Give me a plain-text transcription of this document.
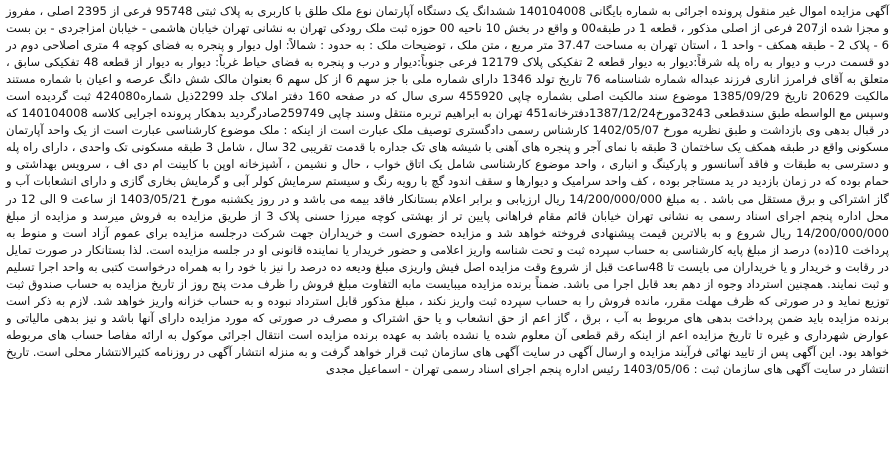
آگهی مزایده اموال غیر منقول پرونده اجرائی به شماره بایگانی 140104008 ششدانگ یک دستگاه آپارتمان نوع ملک طلق با کاربری به پلاک ثبتی 95748 فرعی از 2395 اصلی ، مفروز و مجزا شده از207 فرعی از اصلی مذکور ، قطعه 1 در طبقه00 و واقع در بخش 10 ناحیه 00 حوزه ثبت ملک رودکی تهران به نشانی تهران خیابان هاشمی - خیابان امزاجردی - بن بست 6 - پلاک 2 - طبقه همکف - واحد 1 ، استان تهران به مساحت 37.47 متر مربع ، متن ملک ، توضیحات ملک : به حدود : شمالاً: اول دیوار و پنجره به فضای کوچه 4 متری اصلاحی دوم در دو قسمت درب و دیوار به راه پله شرقاً:دیوار به دیوار قطعه 2 تفکیکی پلاک 12179 فرعی جنوباً:دیوار و درب و پنجره به فضای حیاط غرباً: دیوار به دیوار از قطعه 48 تفکیکی سابق ، متعلق به آقای فرامرز اناری فرزند عبداله شماره شناسنامه 76 تاریخ تولد 1346 دارای شماره ملی با جز سهم 6 از کل سهم 6 بعنوان مالک شش دانگ عرصه و اعیان با شماره مستند مالکیت 20629 تاریخ 1385/09/29 موضوع سند مالکیت اصلی بشماره چاپی 455920 سری سال که در صفحه 160 دفتر املاک جلد 2299ذیل شماره424080 ثبت گردیده است وسپس مع الواسطه طبق سندقطعی 3243مورخ1387/12/24دفترخانه451 تهران به ابراهیم تربره منتقل وسند چاپی 259749صادرگردید بدهکار پرونده اجرایی کلاسه 140104008 که در قبال بدهی وی بازداشت و طبق نظریه مورخ 1402/05/07 کارشناس رسمی دادگستری توصیف ملک عبارت است از اینکه : ملک موضوع کارشناسی عبارت است از یک واحد آپارتمان مسکونی واقع در طبقه همکف یک ساختمان 3 طبقه با نمای آجر و پنجره های آهنی با شیشه های تک جداره با قدمت تقریبی 32 سال ، شامل 3 طبقه مسکونی تک واحدی ، دارای راه پله و دسترسی به طبقات و فاقد آسانسور و پارکینگ و انباری ، واحد موضوع کارشناسی شامل یک اتاق خواب ، حال و نشیمن ، آشپزخانه اوپن با کابینت ام دی اف ، سرویس بهداشتی و حمام بوده که در زمان بازدید در ید مستاجر بوده ، کف واحد سرامیک و دیوارها و سقف اندود گچ با رویه رنگ و سیستم سرمایش کولر آبی و گرمایش بخاری گازی و دارای انشعابات آب و گاز اشتراکی و برق مستقل می باشد . به مبلغ 14/200/000/000 ریال ارزیابی و برابر اعلام بستانکار فاقد بیمه می باشد و در روز یکشنبه مورخ 1403/05/21 از ساعت 9 الی 12 در محل اداره پنجم اجرای اسناد رسمی به نشانی تهران خیابان قائم مقام فراهانی پایین تر از بهشتی کوچه میرزا حسنی پلاک 3 از طریق مزایده به فروش میرسد و مزایده از مبلغ 14/200/000/000 ریال شروع و به بالاترین قیمت پیشنهادی فروخته خواهد شد و مزایده حضوری است و خریداران جهت شرکت درجلسه مزایده برای عموم آزاد است و منوط به پرداخت 10(ده) درصد از مبلغ پایه کارشناسی به حساب سپرده ثبت و تحت شناسه واریز اعلامی و حضور خریدار یا نماینده قانونی او در جلسه مزایده است. لذا بستانکار در صورت تمایل در رقابت و خریدار و یا خریداران می بایست تا 48ساعت قبل از شروع وقت مزایده اصل فیش واریزی مبلغ ودیعه ده درصد را نیز با خود را به همراه درخواست کتبی به واحد اجرا تسلیم و ثبت نمایند. همچنین استرداد وجوه از دهم بعد قابل اجرا می باشد. ضمناً برنده مزایده میبایست مابه التفاوت مبلغ فروش را ظرف مدت پنج روز از تاریخ مزایده به حساب صندوق ثبت توزیع نماید و در صورتی که ظرف مهلت مقرر، مانده فروش را به حساب سپرده ثبت واریز نکند ، مبلغ مذکور قابل استرداد نبوده و به حساب خزانه واریز خواهد شد. لازم به ذکر است برنده مزایده باید ضمن پرداخت بدهی های مربوط به آب ، برق ، گاز اعم از حق انشعاب و یا حق اشتراک و مصرف در صورتی که مورد مزایده دارای آنها باشد و نیز بدهی مالیاتی و عوارض شهرداری و غیره تا تاریخ مزایده اعم از اینکه رقم قطعی آن معلوم شده یا نشده باشد به عهده برنده مزایده است انتقال اجرائی موکول به ارائه مفاصا حساب های مربوطه خواهد بود. این آگهی پس از تایید نهائی فرآیند مزایده و ارسال آگهی در سایت آگهی های سازمان ثبت قرار خواهد گرفت و به منزله انتشار آگهی در روزنامه کثیرالانتشار محلی است. تاریخ انتشار در سایت آگهی های سازمان ثبت : 1403/05/06 رئیس اداره پنجم اجرای اسناد رسمی تهران - اسماعیل مجدی
